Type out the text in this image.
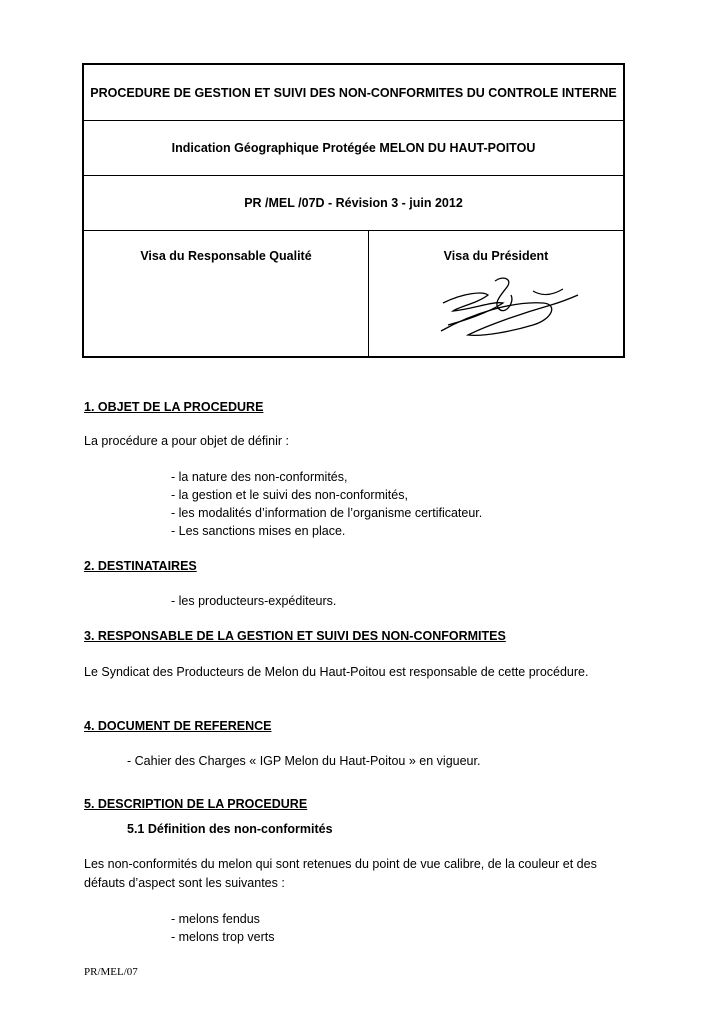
PROCEDURE DE GESTION ET SUIVI DES NON-CONFORMITES DU CONTROLE INTERNE
Indication Géographique Protégée MELON DU HAUT-POITOU
PR /MEL /07D - Révision 3 - juin 2012
Visa du Responsable Qualité	Visa du Président
1. OBJET DE LA PROCEDURE
La procédure a pour objet de définir :
- la nature des non-conformités,
- la gestion et le suivi des non-conformités,
- les modalités d’information de l’organisme certificateur.
- Les sanctions mises en place.
2. DESTINATAIRES
- les producteurs-expéditeurs.
3. RESPONSABLE DE LA GESTION ET SUIVI DES NON-CONFORMITES
Le Syndicat des Producteurs de Melon du Haut-Poitou est responsable de cette procédure.
4. DOCUMENT DE REFERENCE
- Cahier des Charges « IGP Melon du Haut-Poitou » en vigueur.
5. DESCRIPTION DE LA PROCEDURE
5.1 Définition des non-conformités
Les non-conformités du melon qui sont retenues du point de vue calibre, de la couleur et des
défauts d’aspect sont les suivantes :
- melons fendus
- melons trop verts
PR/MEL/07
